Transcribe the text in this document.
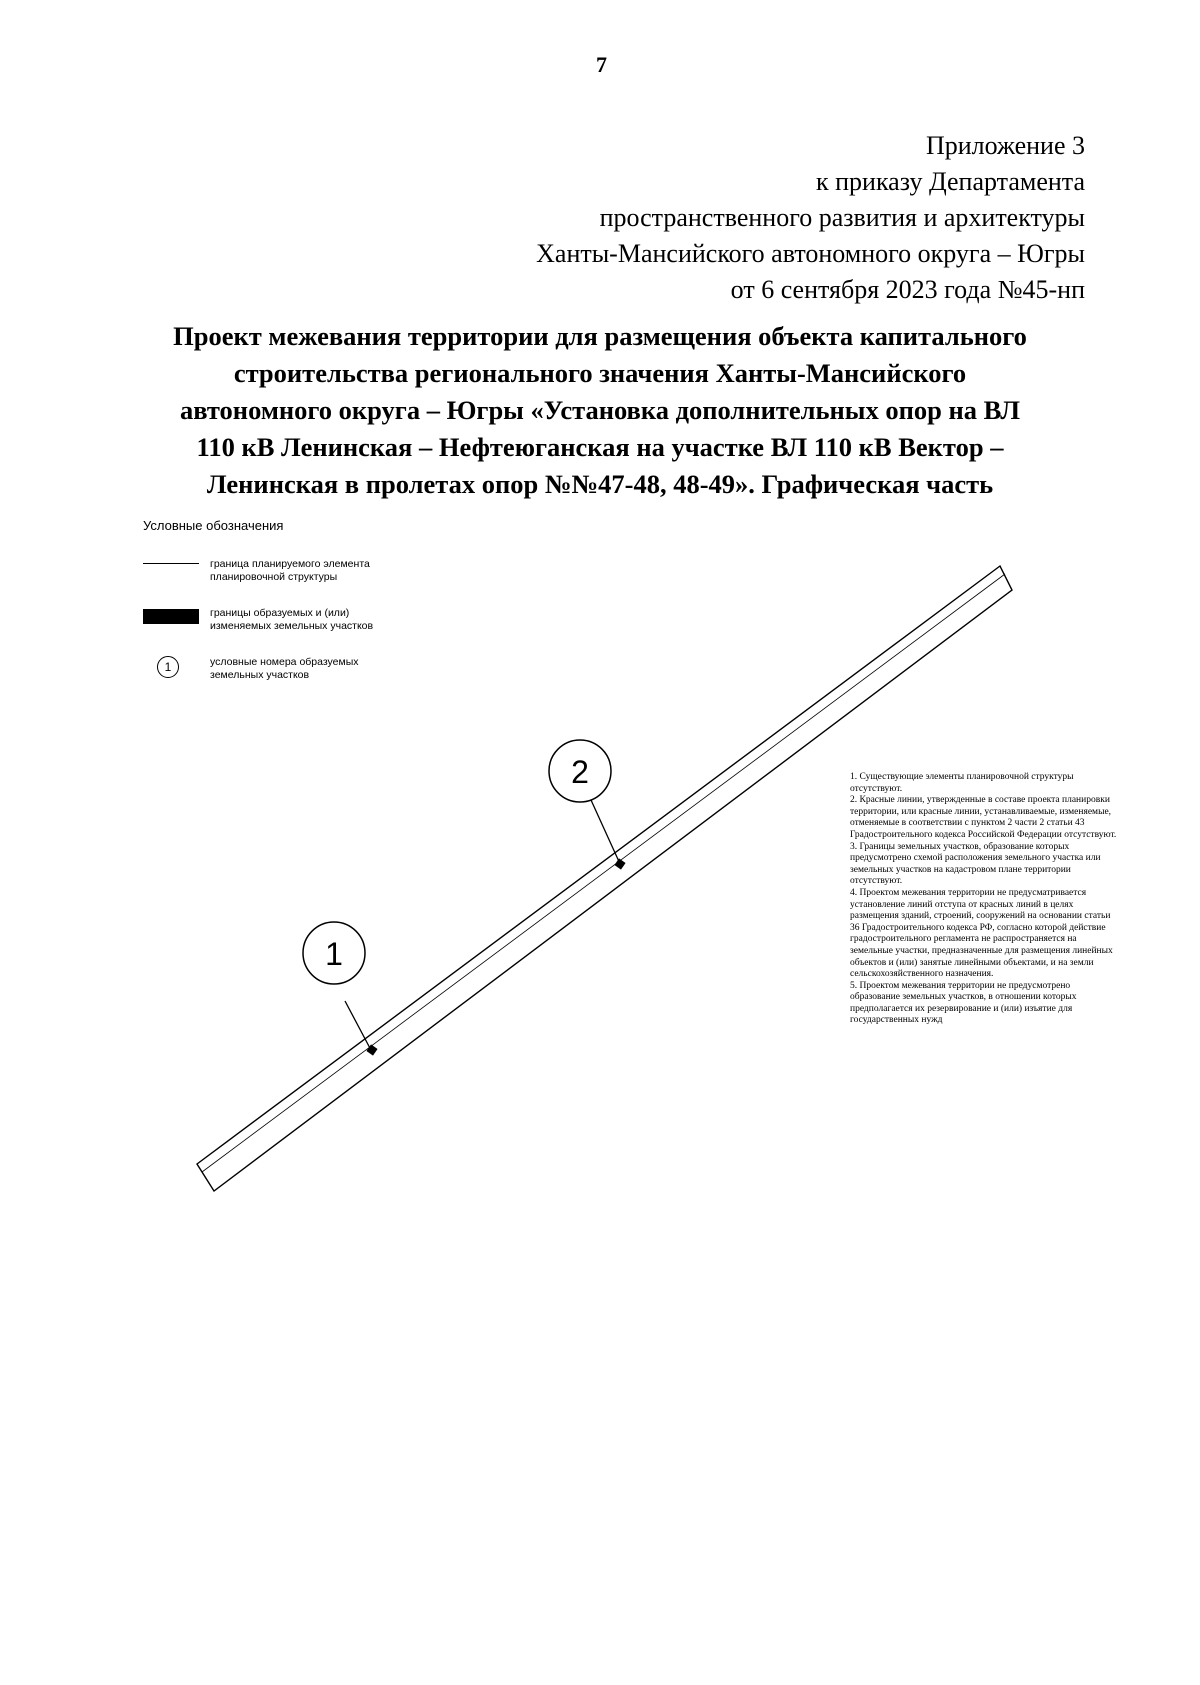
7
Приложение 3
к приказу Департамента
пространственного развития и архитектуры
Ханты-Мансийского автономного округа – Югры
от 6 сентября 2023 года №45-нп
Проект межевания территории для размещения объекта капитального
строительства регионального значения Ханты-Мансийского
автономного округа – Югры «Установка дополнительных опор на ВЛ
110 кВ Ленинская – Нефтеюганская на участке ВЛ 110 кВ Вектор –
Ленинская в пролетах опор №№47-48, 48-49». Графическая часть
Условные обозначения
граница планируемого элемента
планировочной структуры
границы образуемых и (или)
изменяемых земельных участков
1	условные номера образуемых
земельных участков
2
1

1. Существующие элементы планировочной структуры отсутствуют.

2. Красные линии, утвержденные в составе проекта планировки территории, или красные линии, устанавливаемые, изменяемые, отменяемые в соответствии с пунктом 2 части 2 статьи 43 Градостроительного кодекса Российской Федерации отсутствуют.

3. Границы земельных участков, образование которых предусмотрено схемой расположения земельного участка или земельных участков на кадастровом плане территории отсутствуют.

4. Проектом межевания территории не предусматривается установление линий отступа от красных линий в целях размещения зданий, строений, сооружений на основании статьи 36 Градостроительного кодекса РФ, согласно которой действие градостроительного регламента не распространяется на земельные участки, предназначенные для размещения линейных объектов и (или) занятые линейными объектами, и на земли сельскохозяйственного назначения.

5. Проектом межевания территории не предусмотрено образование земельных участков, в отношении которых предполагается их резервирование и (или) изъятие для государственных нужд
